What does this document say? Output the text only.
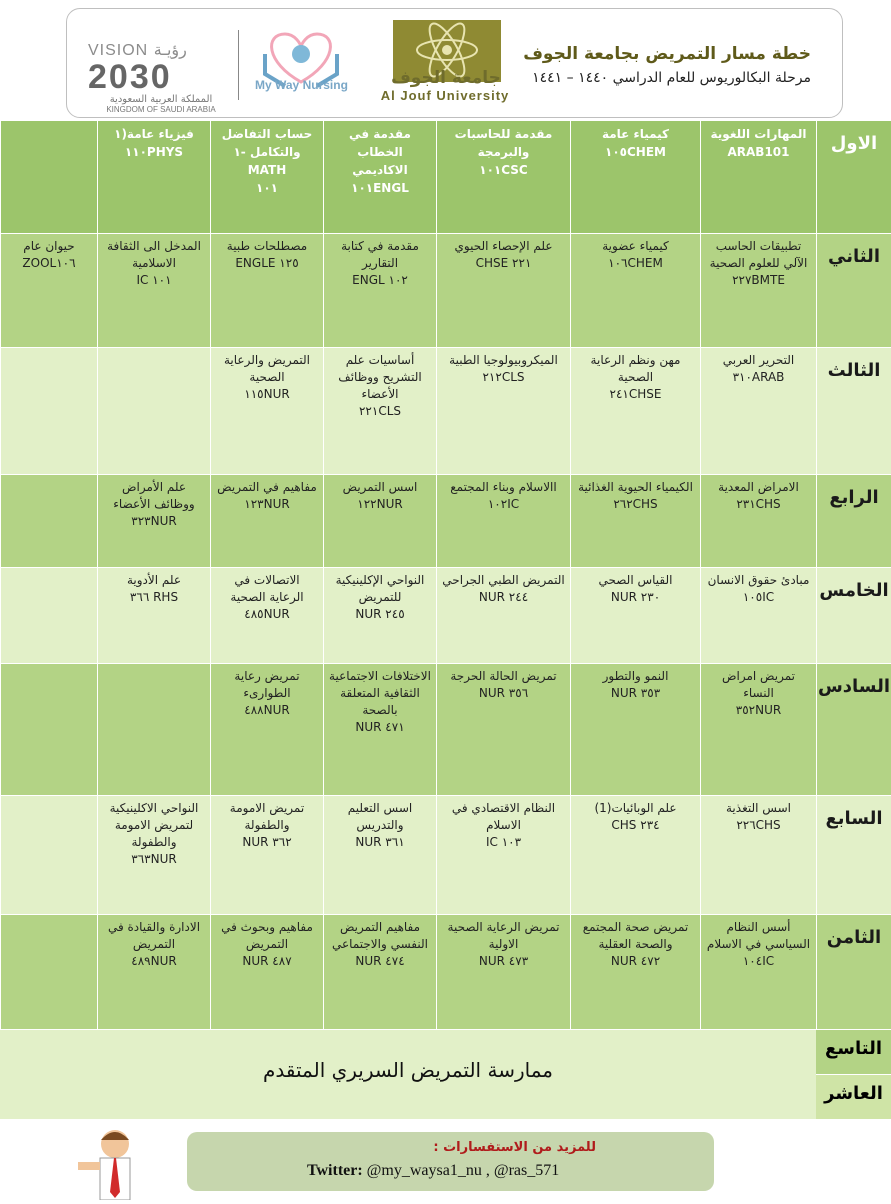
VISION رؤيـة
2030
المملكة العربية السعودية
KINGDOM OF SAUDI ARABIA
My Way Nursing	جامعة الجوف
Al Jouf University
خطة مسار التمريض بجامعة الجوف
مرحلة البكالوريوس للعام الدراسي ١٤٤٠ – ١٤٤١
الاول
المهارات اللغوية
ARAB101
كيمياء عامة
١٠٥CHEM
مقدمة للحاسبات والبرمجة
١٠١CSC
مقدمة في الخطاب الاكاديمي
١٠١ENGL
حساب التفاضل والتكامل -١ MATH
١٠١
فيزياء عامة(١
١١٠PHYS
الثاني
تطبيقات الحاسب الآلي للعلوم الصحية
٢٢٧BMTE
كيمياء عضوية
١٠٦CHEM
علم الإحصاء الحيوي
٢٢١ CHSE
مقدمة في كتابة التقارير
١٠٢ ENGL
مصطلحات طبية
١٢٥ ENGLE
المدخل الى الثقافة الاسلامية
١٠١ IC
حيوان عام
ZOOL١٠٦
الثالث
التحرير العربي
٣١٠ARAB
مهن ونظم الرعاية الصحية
٢٤١CHSE
الميكروبيولوجيا الطبية
٢١٢CLS
أساسيات علم التشريح ووظائف الأعضاء
٢٢١CLS
التمريض والرعاية الصحية
١١٥NUR
الرابع
الامراض المعدية
٢٣١CHS
الكيمياء الحيوية الغذائية
٢٦٢CHS
االاسلام وبناء المجتمع
١٠٢IC
اسس التمريض
١٢٢NUR
مفاهيم في التمريض
١٢٣NUR
علم الأمراض ووظائف الأعضاء
٣٢٣NUR
الخامس
مبادئ حقوق الانسان
١٠٥IC
القياس الصحي
٢٣٠ NUR
التمريض الطبي الجراحي
٢٤٤ NUR
النواحي الإكلينيكية للتمريض
٢٤٥ NUR
الاتصالات في الرعاية الصحية
٤٨٥NUR
علم الأدوية
RHS ٣٦٦
السادس
تمريض امراض النساء
٣٥٢NUR
النمو والتطور
٣٥٣ NUR
تمريض الحالة الحرجة
٣٥٦ NUR
الاختلافات الاجتماعية الثقافية المتعلقة بالصحة
٤٧١ NUR
تمريض رعاية الطوارىء
٤٨٨NUR
السابع
اسس التغذية
٢٢٦CHS
علم الوبائيات(1)
٢٣٤ CHS
النظام الاقتصادي في الاسلام
١٠٣ IC
اسس التعليم والتدريس
٣٦١ NUR
تمريض الامومة والطفولة
٣٦٢ NUR
النواحي الاكلينيكية لتمريض الامومة والطفولة
٣٦٣NUR
الثامن
أسس النظام السياسي في الاسلام
١٠٤IC
تمريض صحة المجتمع والصحة العقلية
٤٧٢ NUR
تمريض الرعاية الصحية الاولية
٤٧٣ NUR
مفاهيم التمريض النفسي والاجتماعي
٤٧٤ NUR
مفاهيم وبحوث في التمريض
٤٨٧ NUR
الادارة والقيادة في التمريض
٤٨٩NUR
ممارسة التمريض السريري المتقدم
التاسع
العاشر
للمزيد من الاستفسارات :
Twitter: @my_waysa1_nu , @ras_571
